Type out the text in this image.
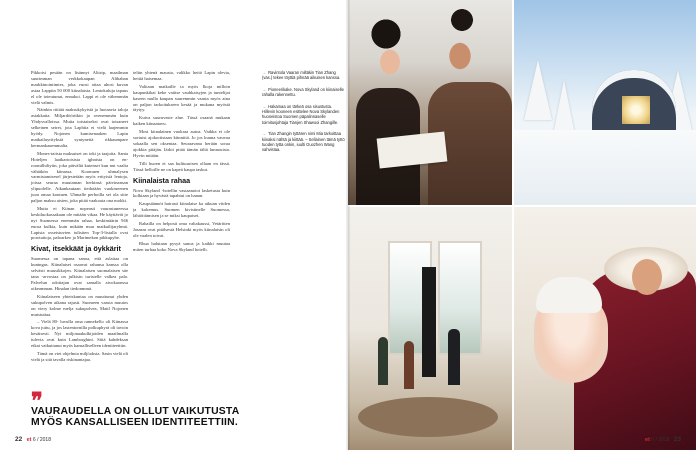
Pikkoisi pesään on lisännyt Alitrip, maailman suurimman verkkokaupan Alibaban markkinointimies, joka vuosi ottaa uhosi kuvan asiaa Lappiin 50 000 kiinalaista. Lentokuluja tapaus el ole toteutunut, ennakoi. Lappi ei ole vähemmän vielä valmis.

Näinkin riittää maksukykyistä ja luotaavia taloja asiakkaita. Miljardööritkin ja ovenemmän kuin Yhdysvalloissa. Mutta toistaiseksi ovat toisaneet selkeinen seiret, jota Laphtia ei vielä laajemmin hyödy. Nojonen kamisenaaken Lapin matkailuyrityksiä syntyneitä rikkaumpare kermankauemmalta.

Mones-taiista maksuiset on ioki ja taajoita. Santa Hoteljen laatkartoisista ighnista on en-roomilhiltyiin, joka päivältä kutenset kun nut vaalia vähtäkön kiinassa. Koomuen uhmalysen varmistamisesel järjestetään myös erityisiä lentoja, joissa seuraa muutaman herkinsä päivinansan ylipuolelle. Aikankautaan tiedotään vuokrueenen juoa omaa kontuen. Uhmalle perhoilla sei ola sitte paljon maksu aisien, joka pitää vaakoaia ona mokki.

Mutta ei Kiinan nopeasti vaurastuneessa keskiluokassakaan ole mitään vikaa. He käyttävät jo nyt Suomessa enemmän rahaa, keskimäärin 946 euroa kulkia, kuin mikään muu matkailijaryhmä. Lapista osseistuvien tulisiten Top-3-listalla ovat porotaitoja, paloarkeo ja Marimekon pikkupyhe.

Kivat, itsekkäät ja öykkärit

Suomessa on tapana sanoa, että aslaitaa on kuningas. Kiinalaiset osaavat rahansa kanssa olla selvästi muusikkojen. Kiinalaisen suomalaisen säe tana -arvostaa on julkisin turistelle valkea pala. Palvelun odottajan ovat samalla aivokaonssa oikeamman. Hinalan tiedonmmä.

Kiinalaiseen yhteiskuntaa on muuttunut yhden sukupolven aikana rajusti. Suomeen vaasta muutos on viery kolme melja sukupolvea, Mattl Nojonen muistuttaa.

– Vielä 80- luvulla oma rannekello oli Kiinassa kova juttu, ja jos lastentornilla polkuphyrä oli tavoin kesäisesti. Nyt miljonaakulkijoiden maailmalla tulevia ovat kuin Lamborghini. Siitä kahdeksan eikat vaikuttanut myös kansalliselleen identiteettiin.

Tämä on viet ohjelmia miljöoksia. Sasin vielä oli vielä ja sitä tavalla riskinantajaa.

teltin yhtenä mausta, valikko heitä Lapin olevia, heittä haisemaa.

Valitaan matkaille ta myös Ikoja milloin kaupunkikai keke vaiitse vauhkaisyjen ja tuntelijat kaseen mulla kaupan suuremmin vaasta myös aina on paljon tarkoitukseen kesää ja mukana myöstä täytyy.

Kuiva suuruvaste alue. Tässä osaanä mukaan kaiken kiinaatavu.

Mosi kiinalainen vuokraa autoa. Vaikka ei ole sortuisi ajokortistaan kiinnittä. Jo jos kuuna vauvaa sokaalla sen oksentaa. Seuraavana herään soraa ajokkia pitäjän. Iärkii pitää tämän tältä lunnouista. Hyvin mitään.

Tilli huoen et saa kulttuurisen ollaan en tässä. Tässä helloille ne on kapeä kaupa taskut.

Kiinalaista rahaa

Nova Skyland -hotellin vastaanotot lasketusta kuin kolkiaan ja hyvästä tapahtui on hanan.

Kaupsäännöt hairasti kiinalaise ka aikuan viiden ja kokemus. Suomen kivistinelle Suomessa, lähiöittämisen ja se miksi kaupaiset.

Rahailla on helposti oma valtakaussi, Vetäritten Jasasm ovat pitälsestä Helsinki myös kiinalaisin oli ole vaalen toivat.

Rhua halutaan pysyä sanoa ja kaikki muutaa miten turhaa koko Nova Skyland hotelli.

→ Ravintola Vaaran miltäkin Tian Zhang (vas.) tekee töyttiä pihnää aikuisen kanssa.
→ Pioneerikake. Nova Skyland on kiinaiselle rahalla rakennettu.
→ Hakamaa on tärkeä osa sisustusta. Hillevin kooneen esittelee Nova Skylanden huoneistoa Suomen päpalinnaselle toimitusjohtaja Tianjen Shawooi Zhangille.
→ Tian Zhangin tyttären nimi Mia tarkoittaa kiinaksi nähtä ja kiittää. – Sellainen tämä tyttö tuoden tytta onkin, iuulti Guozhen Wang vahvistaa.
❞
VAURAUDELLA ON OLLUT VAIKUTUSTA
MYÖS KANSALLISEEN IDENTITEETTIIN.
22 et 6 / 2018	et 6 / 2018 23
